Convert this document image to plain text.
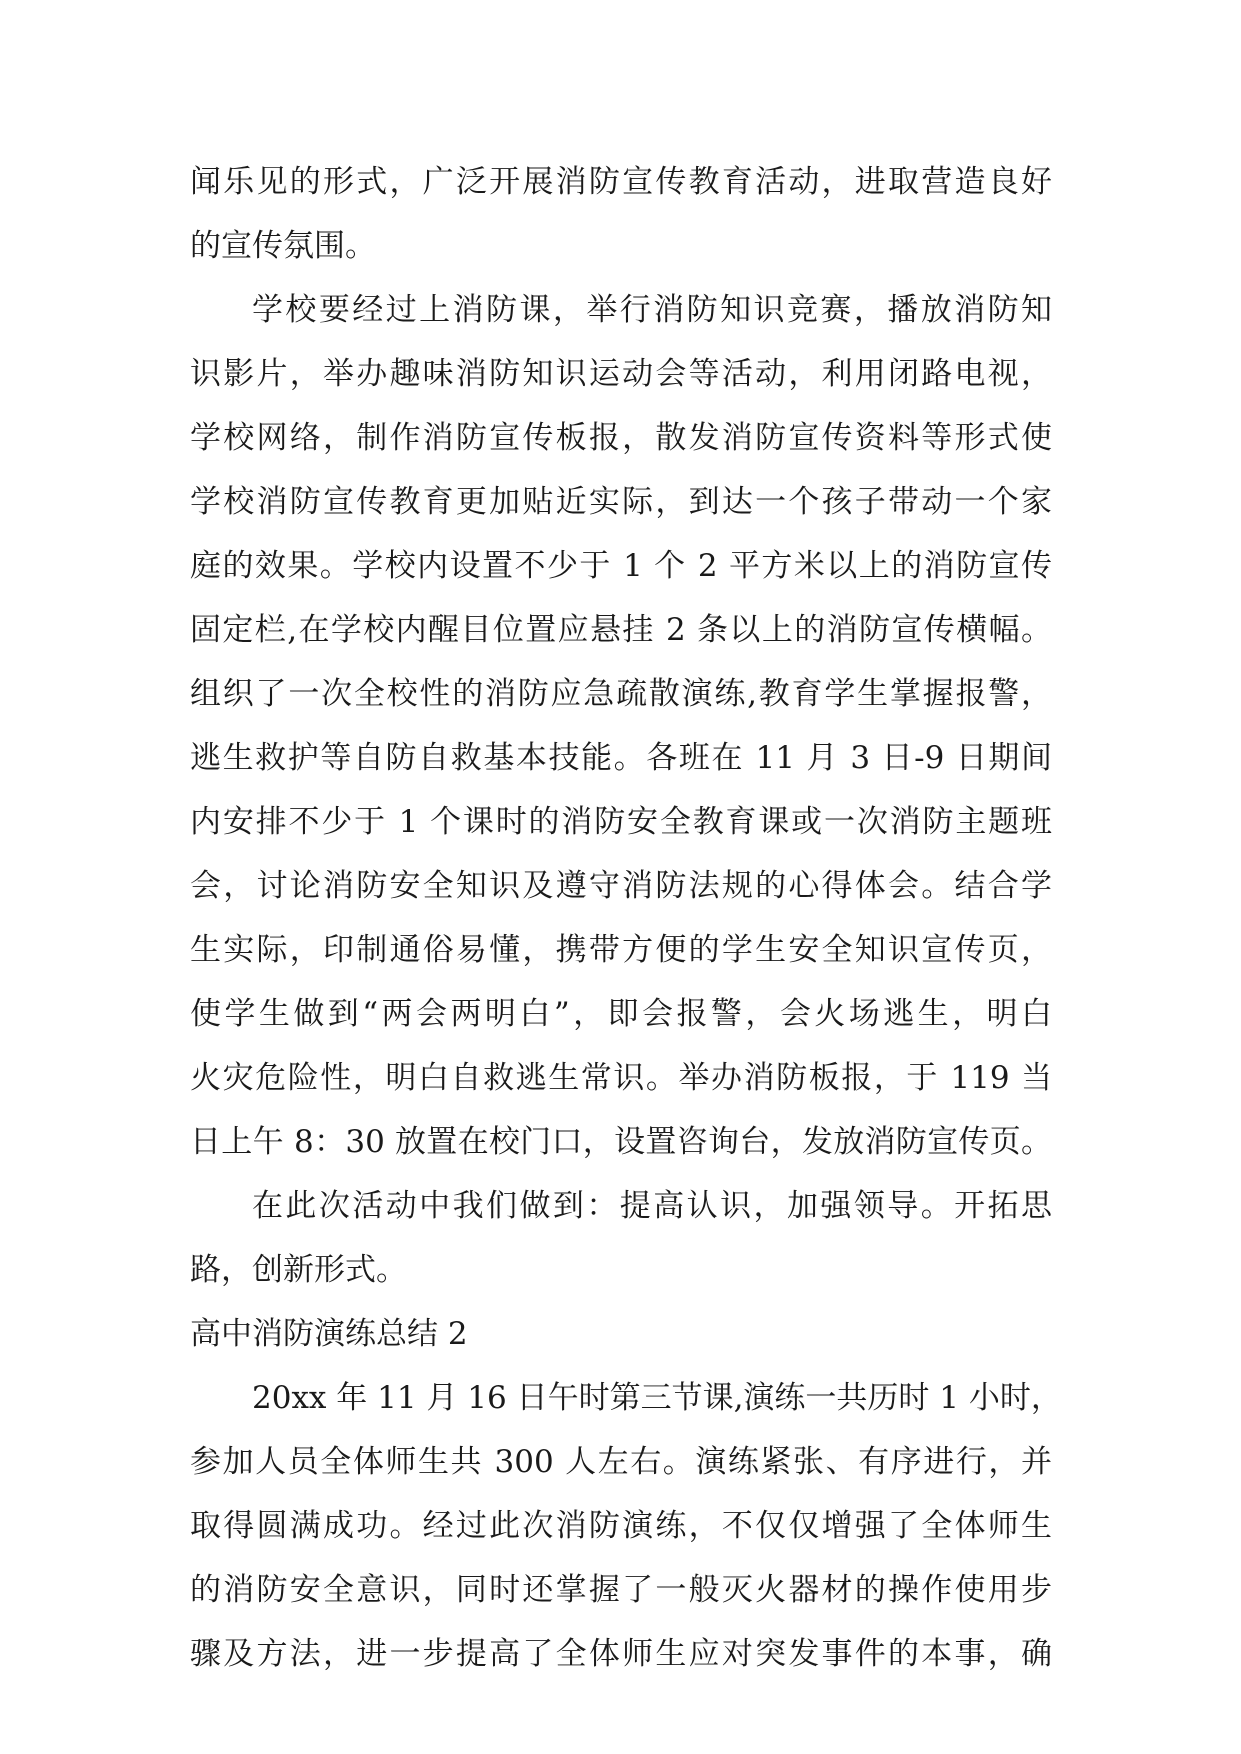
闻乐见的形式，广泛开展消防宣传教育活动，进取营造良好
的宣传氛围。
学校要经过上消防课，举行消防知识竞赛，播放消防知
识影片，举办趣味消防知识运动会等活动，利用闭路电视，
学校网络，制作消防宣传板报，散发消防宣传资料等形式使
学校消防宣传教育更加贴近实际，到达一个孩子带动一个家
庭的效果。学校内设置不少于 1 个 2 平方米以上的消防宣传
固定栏,在学校内醒目位置应悬挂 2 条以上的消防宣传横幅。
组织了一次全校性的消防应急疏散演练,教育学生掌握报警，
逃生救护等自防自救基本技能。各班在 11 月 3 日-9 日期间
内安排不少于 1 个课时的消防安全教育课或一次消防主题班
会，讨论消防安全知识及遵守消防法规的心得体会。结合学
生实际，印制通俗易懂，携带方便的学生安全知识宣传页，
使学生做到“两会两明白”，即会报警，会火场逃生，明白
火灾危险性，明白自救逃生常识。举办消防板报，于 119 当
日上午 8：30 放置在校门口，设置咨询台，发放消防宣传页。
在此次活动中我们做到：提高认识，加强领导。开拓思
路，创新形式。
高中消防演练总结 2
20xx 年 11 月 16 日午时第三节课,演练一共历时 1 小时，
参加人员全体师生共 300 人左右。演练紧张、有序进行，并
取得圆满成功。经过此次消防演练，不仅仅增强了全体师生
的消防安全意识，同时还掌握了一般灭火器材的操作使用步
骤及方法，进一步提高了全体师生应对突发事件的本事，确
